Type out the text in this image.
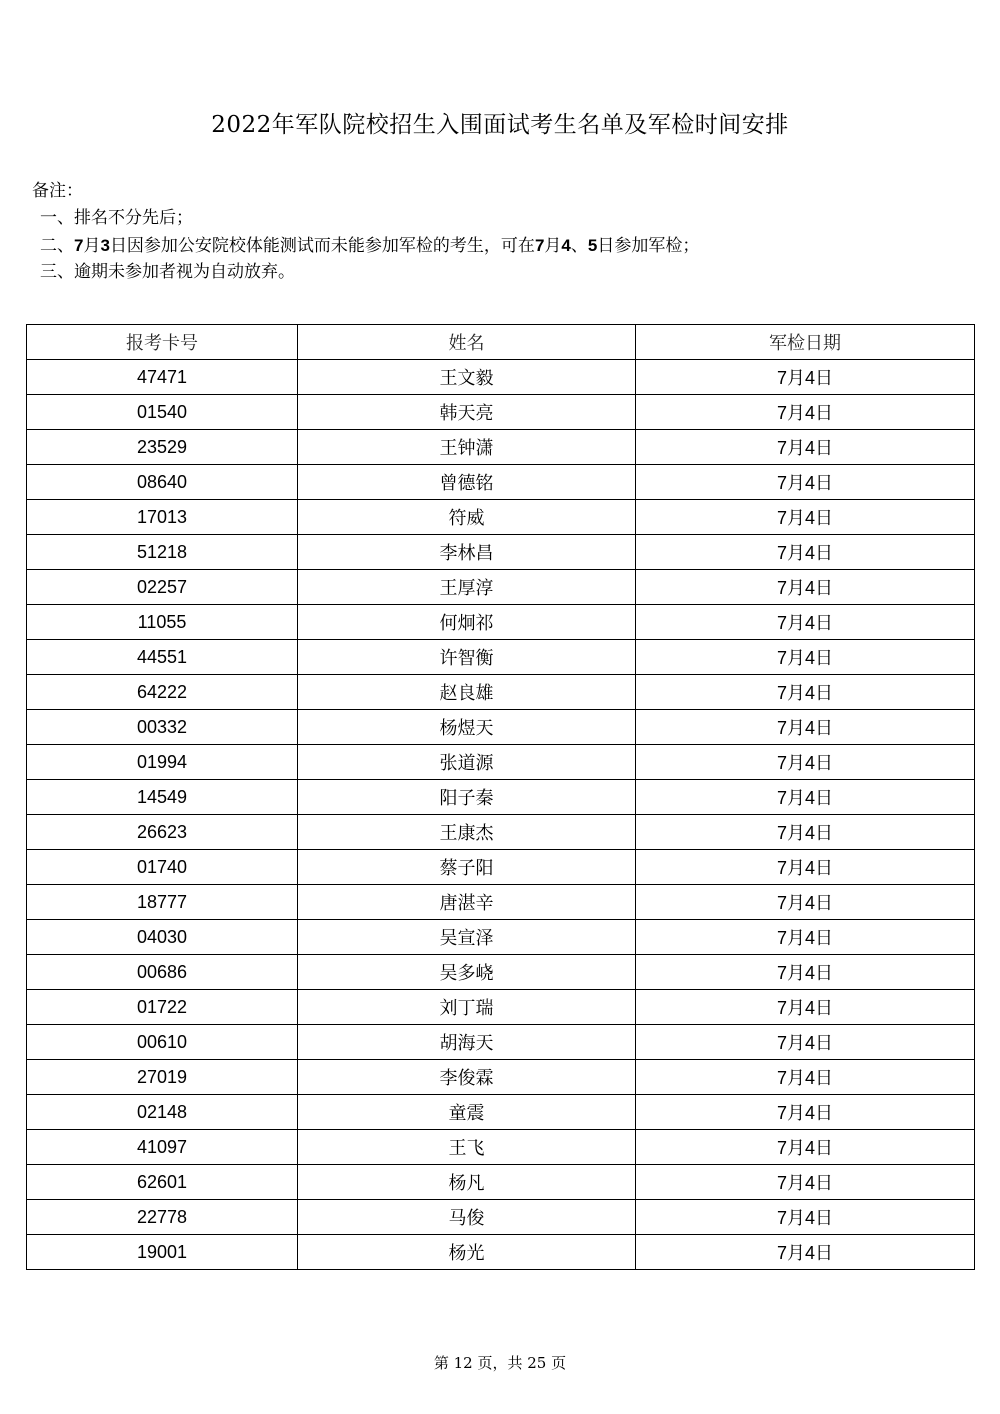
2022年军队院校招生入围面试考生名单及军检时间安排
备注：
一、排名不分先后；
二、7月3日因参加公安院校体能测试而未能参加军检的考生，可在7月4、5日参加军检；
三、逾期未参加者视为自动放弃。
报考卡号	姓名	军检日期
47471	王文毅	7月4日
01540	韩天亮	7月4日
23529	王钟潇	7月4日
08640	曾德铭	7月4日
17013	符威	7月4日
51218	李林昌	7月4日
02257	王厚淳	7月4日
11055	何炯祁	7月4日
44551	许智衡	7月4日
64222	赵良雄	7月4日
00332	杨煜天	7月4日
01994	张道源	7月4日
14549	阳子秦	7月4日
26623	王康杰	7月4日
01740	蔡子阳	7月4日
18777	唐湛辛	7月4日
04030	吴宣泽	7月4日
00686	吴多峣	7月4日
01722	刘丁瑞	7月4日
00610	胡海天	7月4日
27019	李俊霖	7月4日
02148	童震	7月4日
41097	王飞	7月4日
62601	杨凡	7月4日
22778	马俊	7月4日
19001	杨光	7月4日
第 12 页，共 25 页
